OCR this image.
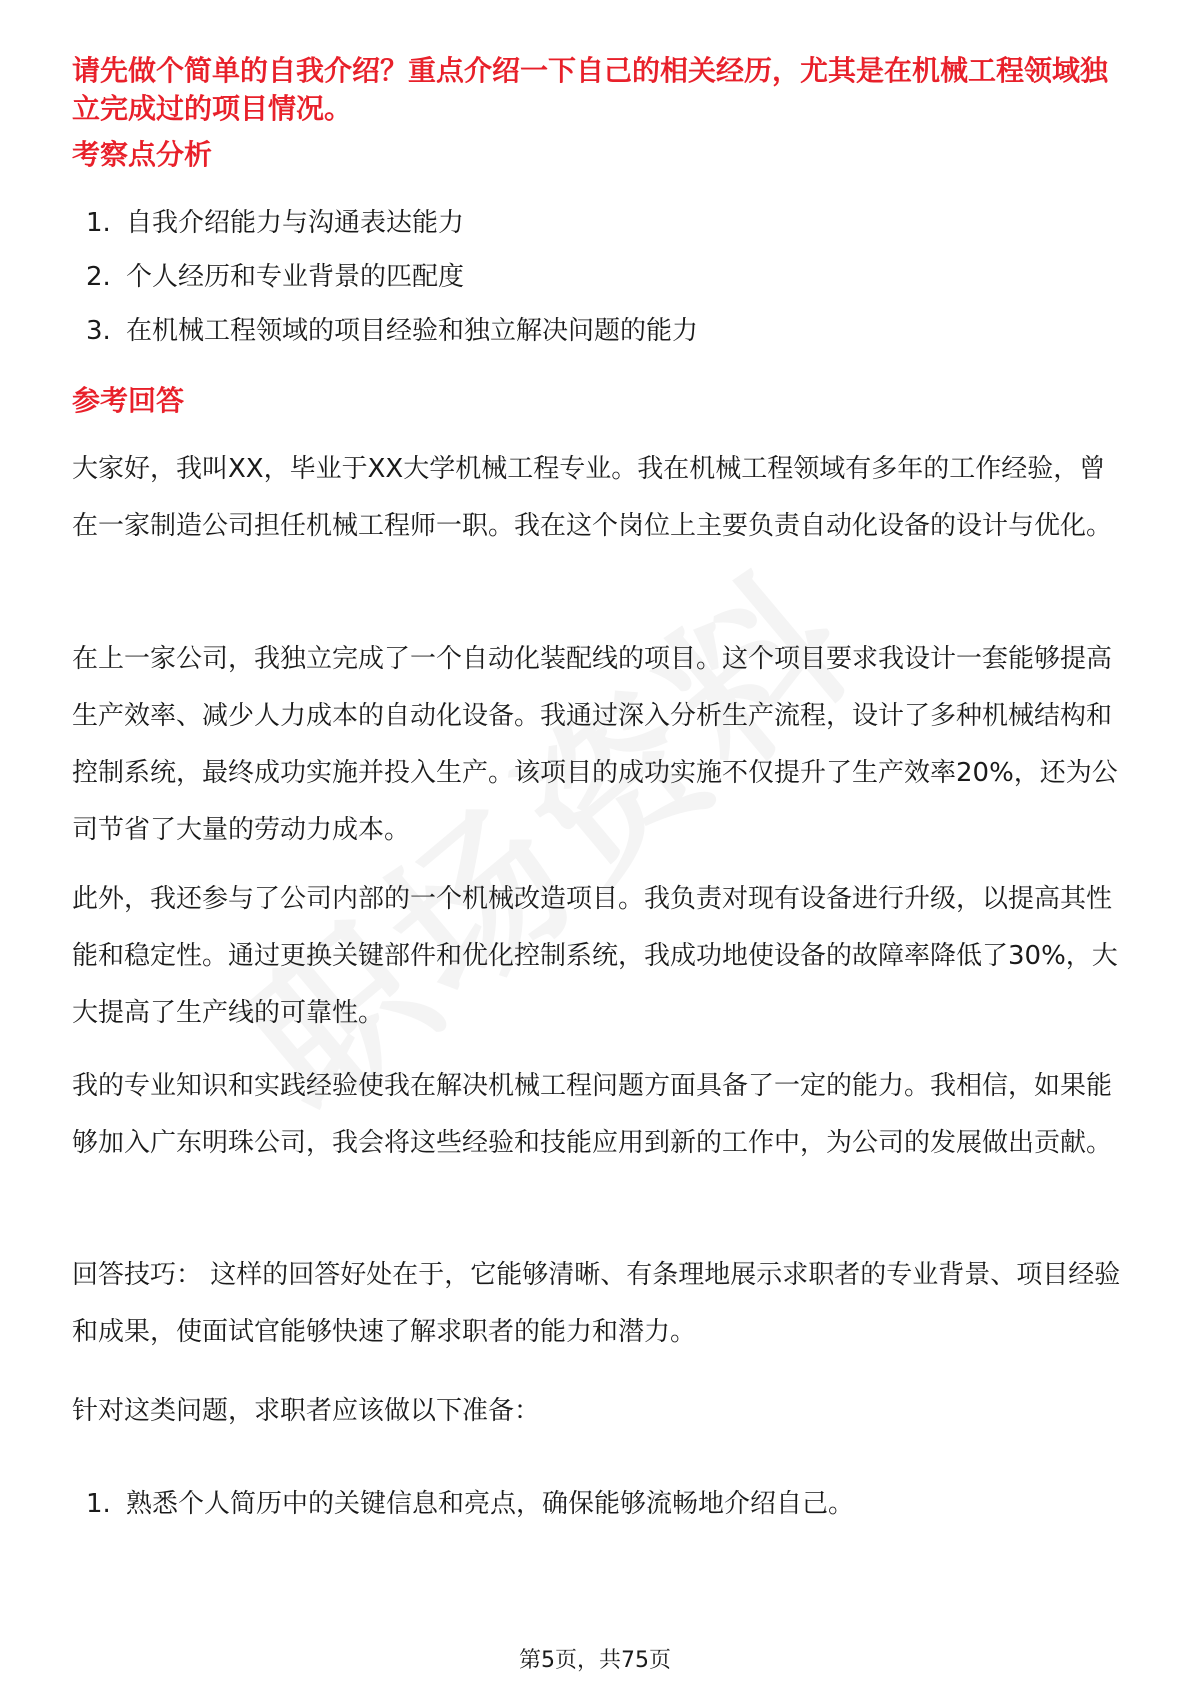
请先做个简单的自我介绍？重点介绍一下自己的相关经历，尤其是在机械工程领域独立完成过的项目情况。
考察点分析
1. 自我介绍能力与沟通表达能力
2. 个人经历和专业背景的匹配度
3. 在机械工程领域的项目经验和独立解决问题的能力
参考回答
大家好，我叫XX，毕业于XX大学机械工程专业。我在机械工程领域有多年的工作经验，曾在一家制造公司担任机械工程师一职。我在这个岗位上主要负责自动化设备的设计与优化。
在上一家公司，我独立完成了一个自动化装配线的项目。这个项目要求我设计一套能够提高生产效率、减少人力成本的自动化设备。我通过深入分析生产流程，设计了多种机械结构和控制系统，最终成功实施并投入生产。该项目的成功实施不仅提升了生产效率20%，还为公司节省了大量的劳动力成本。
此外，我还参与了公司内部的一个机械改造项目。我负责对现有设备进行升级，以提高其性能和稳定性。通过更换关键部件和优化控制系统，我成功地使设备的故障率降低了30%，大大提高了生产线的可靠性。
我的专业知识和实践经验使我在解决机械工程问题方面具备了一定的能力。我相信，如果能够加入广东明珠公司，我会将这些经验和技能应用到新的工作中，为公司的发展做出贡献。
回答技巧： 这样的回答好处在于，它能够清晰、有条理地展示求职者的专业背景、项目经验和成果，使面试官能够快速了解求职者的能力和潜力。
针对这类问题，求职者应该做以下准备：
1. 熟悉个人简历中的关键信息和亮点，确保能够流畅地介绍自己。
第5页，共75页
